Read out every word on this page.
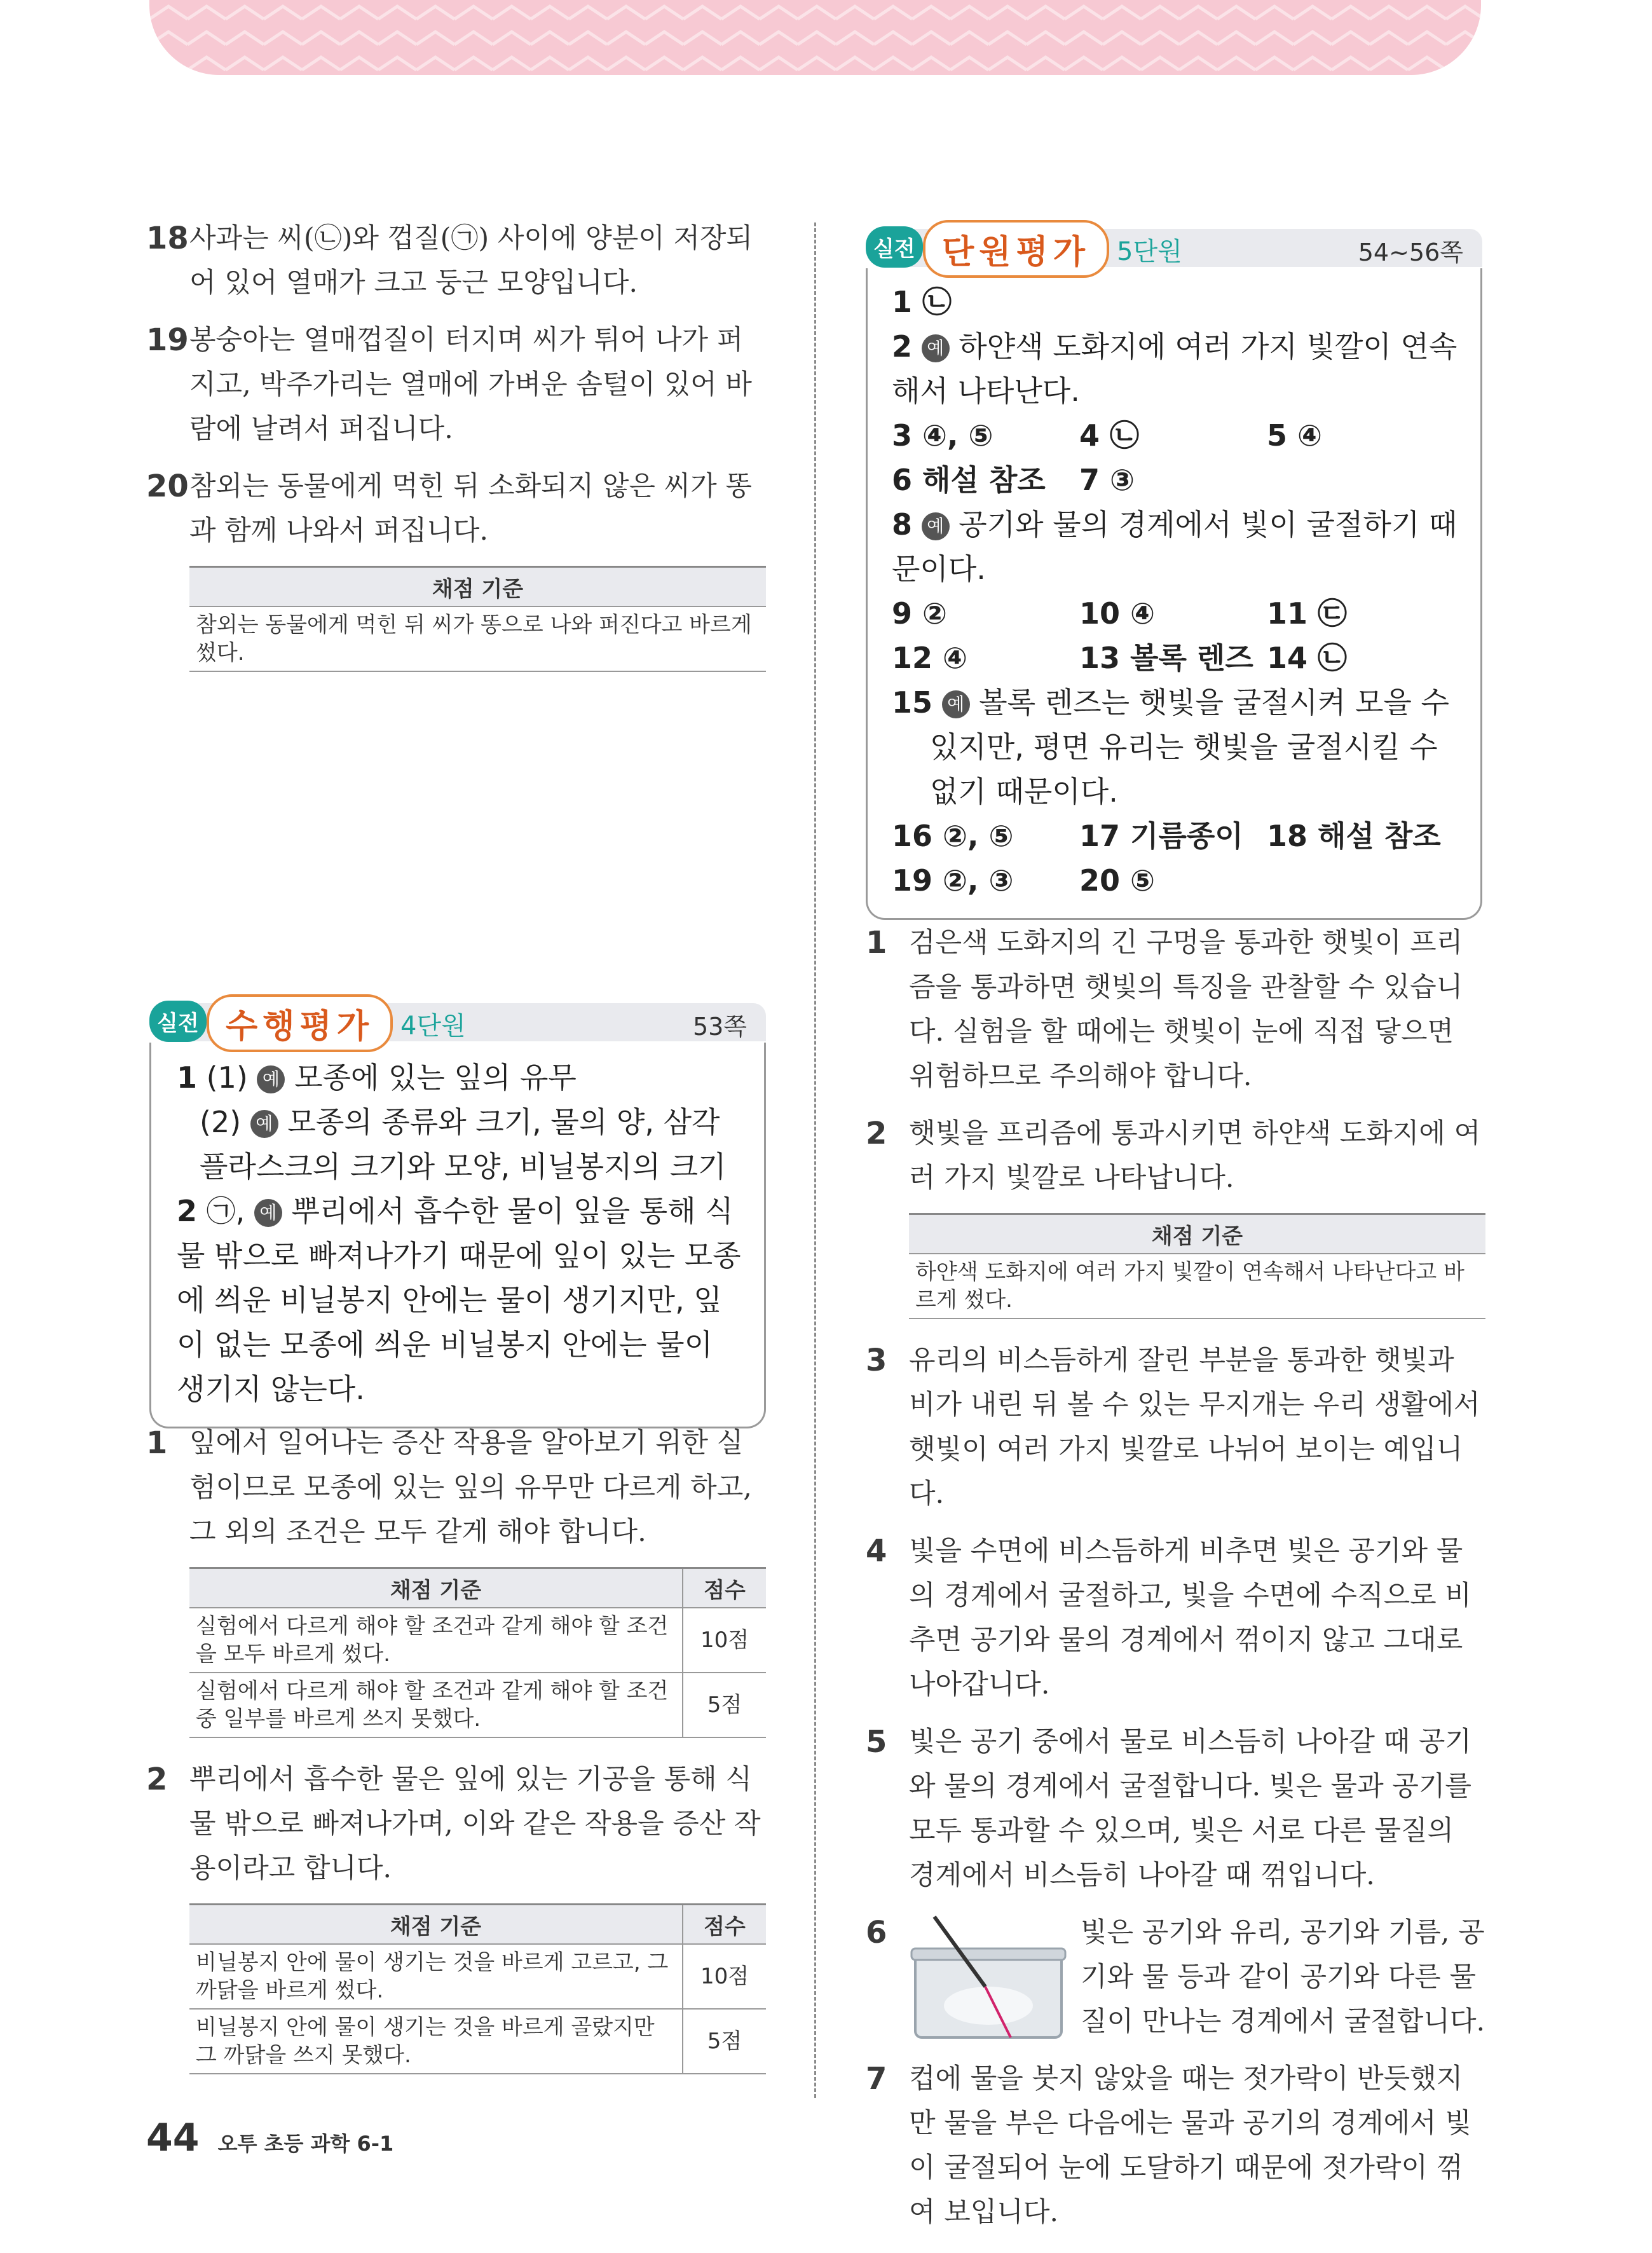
18 사과는 씨(㉡)와 껍질(㉠) 사이에 양분이 저장되어 있어 열매가 크고 둥근 모양입니다.
19 봉숭아는 열매껍질이 터지며 씨가 튀어 나가 퍼지고, 박주가리는 열매에 가벼운 솜털이 있어 바람에 날려서 퍼집니다.
20 참외는 동물에게 먹힌 뒤 소화되지 않은 씨가 똥과 함께 나와서 퍼집니다.
채점 기준
참외는 동물에게 먹힌 뒤 씨가 똥으로 나와 퍼진다고 바르게 썼다.
실전 수행평가	4단원	53쪽
1 (1) 예 모종에 있는 잎의 유무
(2) 예 모종의 종류와 크기, 물의 양, 삼각 플라스크의 크기와 모양, 비닐봉지의 크기
2 ㉠, 예 뿌리에서 흡수한 물이 잎을 통해 식물 밖으로 빠져나가기 때문에 잎이 있는 모종에 씌운 비닐봉지 안에는 물이 생기지만, 잎이 없는 모종에 씌운 비닐봉지 안에는 물이 생기지 않는다.
1 잎에서 일어나는 증산 작용을 알아보기 위한 실험이므로 모종에 있는 잎의 유무만 다르게 하고, 그 외의 조건은 모두 같게 해야 합니다.
채점 기준	점수
실험에서 다르게 해야 할 조건과 같게 해야 할 조건을 모두 바르게 썼다.	10점
실험에서 다르게 해야 할 조건과 같게 해야 할 조건 중 일부를 바르게 쓰지 못했다.	5점
2 뿌리에서 흡수한 물은 잎에 있는 기공을 통해 식물 밖으로 빠져나가며, 이와 같은 작용을 증산 작용이라고 합니다.
채점 기준	점수
비닐봉지 안에 물이 생기는 것을 바르게 고르고, 그 까닭을 바르게 썼다.	10점
비닐봉지 안에 물이 생기는 것을 바르게 골랐지만 그 까닭을 쓰지 못했다.	5점
실전 단원평가	5단원	54~56쪽
1 ㉡
2 예 하얀색 도화지에 여러 가지 빛깔이 연속해서 나타난다.
3 ④, ⑤	4 ㉡	5 ④
6 해설 참조	7 ③
8 예 공기와 물의 경계에서 빛이 굴절하기 때문이다.
9 ②	10 ④	11 ㉢
12 ④	13 볼록 렌즈 14 ㉡
15 예 볼록 렌즈는 햇빛을 굴절시켜 모을 수 있지만, 평면 유리는 햇빛을 굴절시킬 수 없기 때문이다.
16 ②, ⑤	17 기름종이 18 해설 참조
19 ②, ③	20 ⑤
1 검은색 도화지의 긴 구멍을 통과한 햇빛이 프리즘을 통과하면 햇빛의 특징을 관찰할 수 있습니다. 실험을 할 때에는 햇빛이 눈에 직접 닿으면 위험하므로 주의해야 합니다.
2 햇빛을 프리즘에 통과시키면 하얀색 도화지에 여러 가지 빛깔로 나타납니다.
채점 기준
하얀색 도화지에 여러 가지 빛깔이 연속해서 나타난다고 바르게 썼다.
3 유리의 비스듬하게 잘린 부분을 통과한 햇빛과 비가 내린 뒤 볼 수 있는 무지개는 우리 생활에서 햇빛이 여러 가지 빛깔로 나뉘어 보이는 예입니다.
4 빛을 수면에 비스듬하게 비추면 빛은 공기와 물의 경계에서 굴절하고, 빛을 수면에 수직으로 비추면 공기와 물의 경계에서 꺾이지 않고 그대로 나아갑니다.
5 빛은 공기 중에서 물로 비스듬히 나아갈 때 공기와 물의 경계에서 굴절합니다. 빛은 물과 공기를 모두 통과할 수 있으며, 빛은 서로 다른 물질의 경계에서 비스듬히 나아갈 때 꺾입니다.
6	빛은 공기와 유리, 공기와 기름, 공기와 물 등과 같이 공기와 다른 물질이 만나는 경계에서 굴절합니다.
7 컵에 물을 붓지 않았을 때는 젓가락이 반듯했지만 물을 부은 다음에는 물과 공기의 경계에서 빛이 굴절되어 눈에 도달하기 때문에 젓가락이 꺾여 보입니다.
44 오투 초등 과학 6-1
